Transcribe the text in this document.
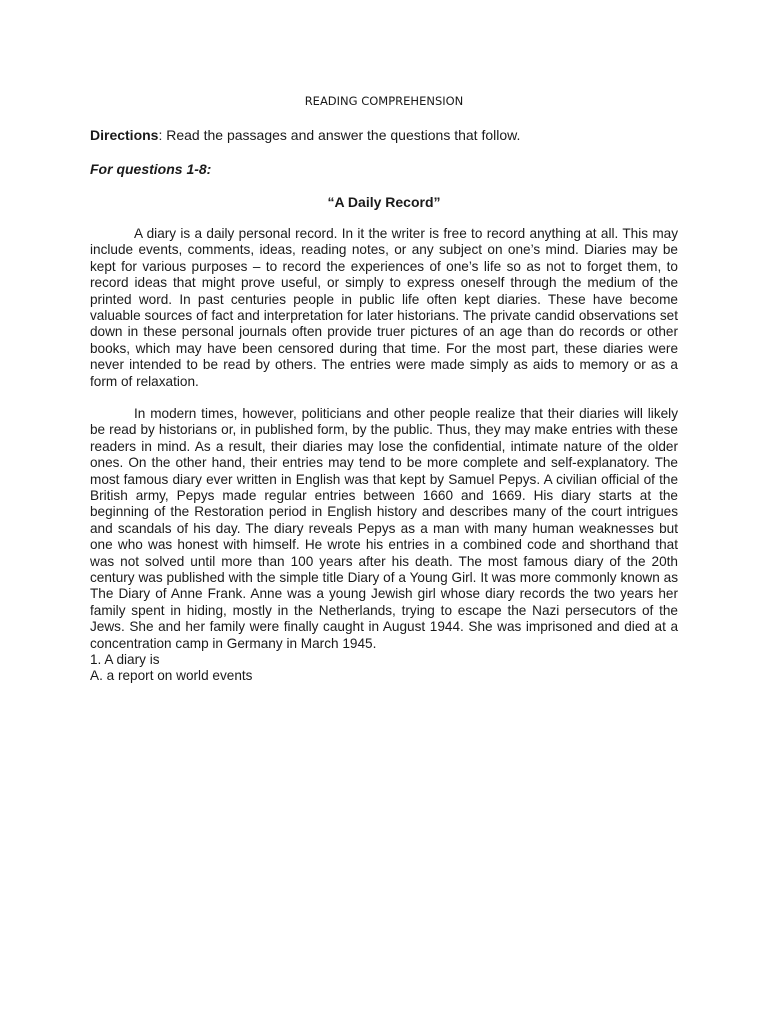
READING COMPREHENSION
Directions: Read the passages and answer the questions that follow.
For questions 1-8:
“A Daily Record”

A diary is a daily personal record. In it the writer is free to record anything at all. This may include events, comments, ideas, reading notes, or any subject on one’s mind. Diaries may be kept for various purposes – to record the experiences of one’s life so as not to forget them, to record ideas that might prove useful, or simply to express oneself through the medium of the printed word. In past centuries people in public life often kept diaries. These have become valuable sources of fact and interpretation for later historians. The private candid observations set down in these personal journals often provide truer pictures of an age than do records or other books, which may have been censored during that time. For the most part, these diaries were never intended to be read by others. The entries were made simply as aids to memory or as a form of relaxation.

In modern times, however, politicians and other people realize that their diaries will likely be read by historians or, in published form, by the public. Thus, they may make entries with these readers in mind. As a result, their diaries may lose the confidential, intimate nature of the older ones. On the other hand, their entries may tend to be more complete and self-explanatory. The most famous diary ever written in English was that kept by Samuel Pepys. A civilian official of the British army, Pepys made regular entries between 1660 and 1669. His diary starts at the beginning of the Restoration period in English history and describes many of the court intrigues and scandals of his day. The diary reveals Pepys as a man with many human weaknesses but one who was honest with himself. He wrote his entries in a combined code and shorthand that was not solved until more than 100 years after his death. The most famous diary of the 20th century was published with the simple title Diary of a Young Girl. It was more commonly known as The Diary of Anne Frank. Anne was a young Jewish girl whose diary records the two years her family spent in hiding, mostly in the Netherlands, trying to escape the Nazi persecutors of the Jews. She and her family were finally caught in August 1944. She was imprisoned and died at a concentration camp in Germany in March 1945.

1. A diary is
A. a report on world events
